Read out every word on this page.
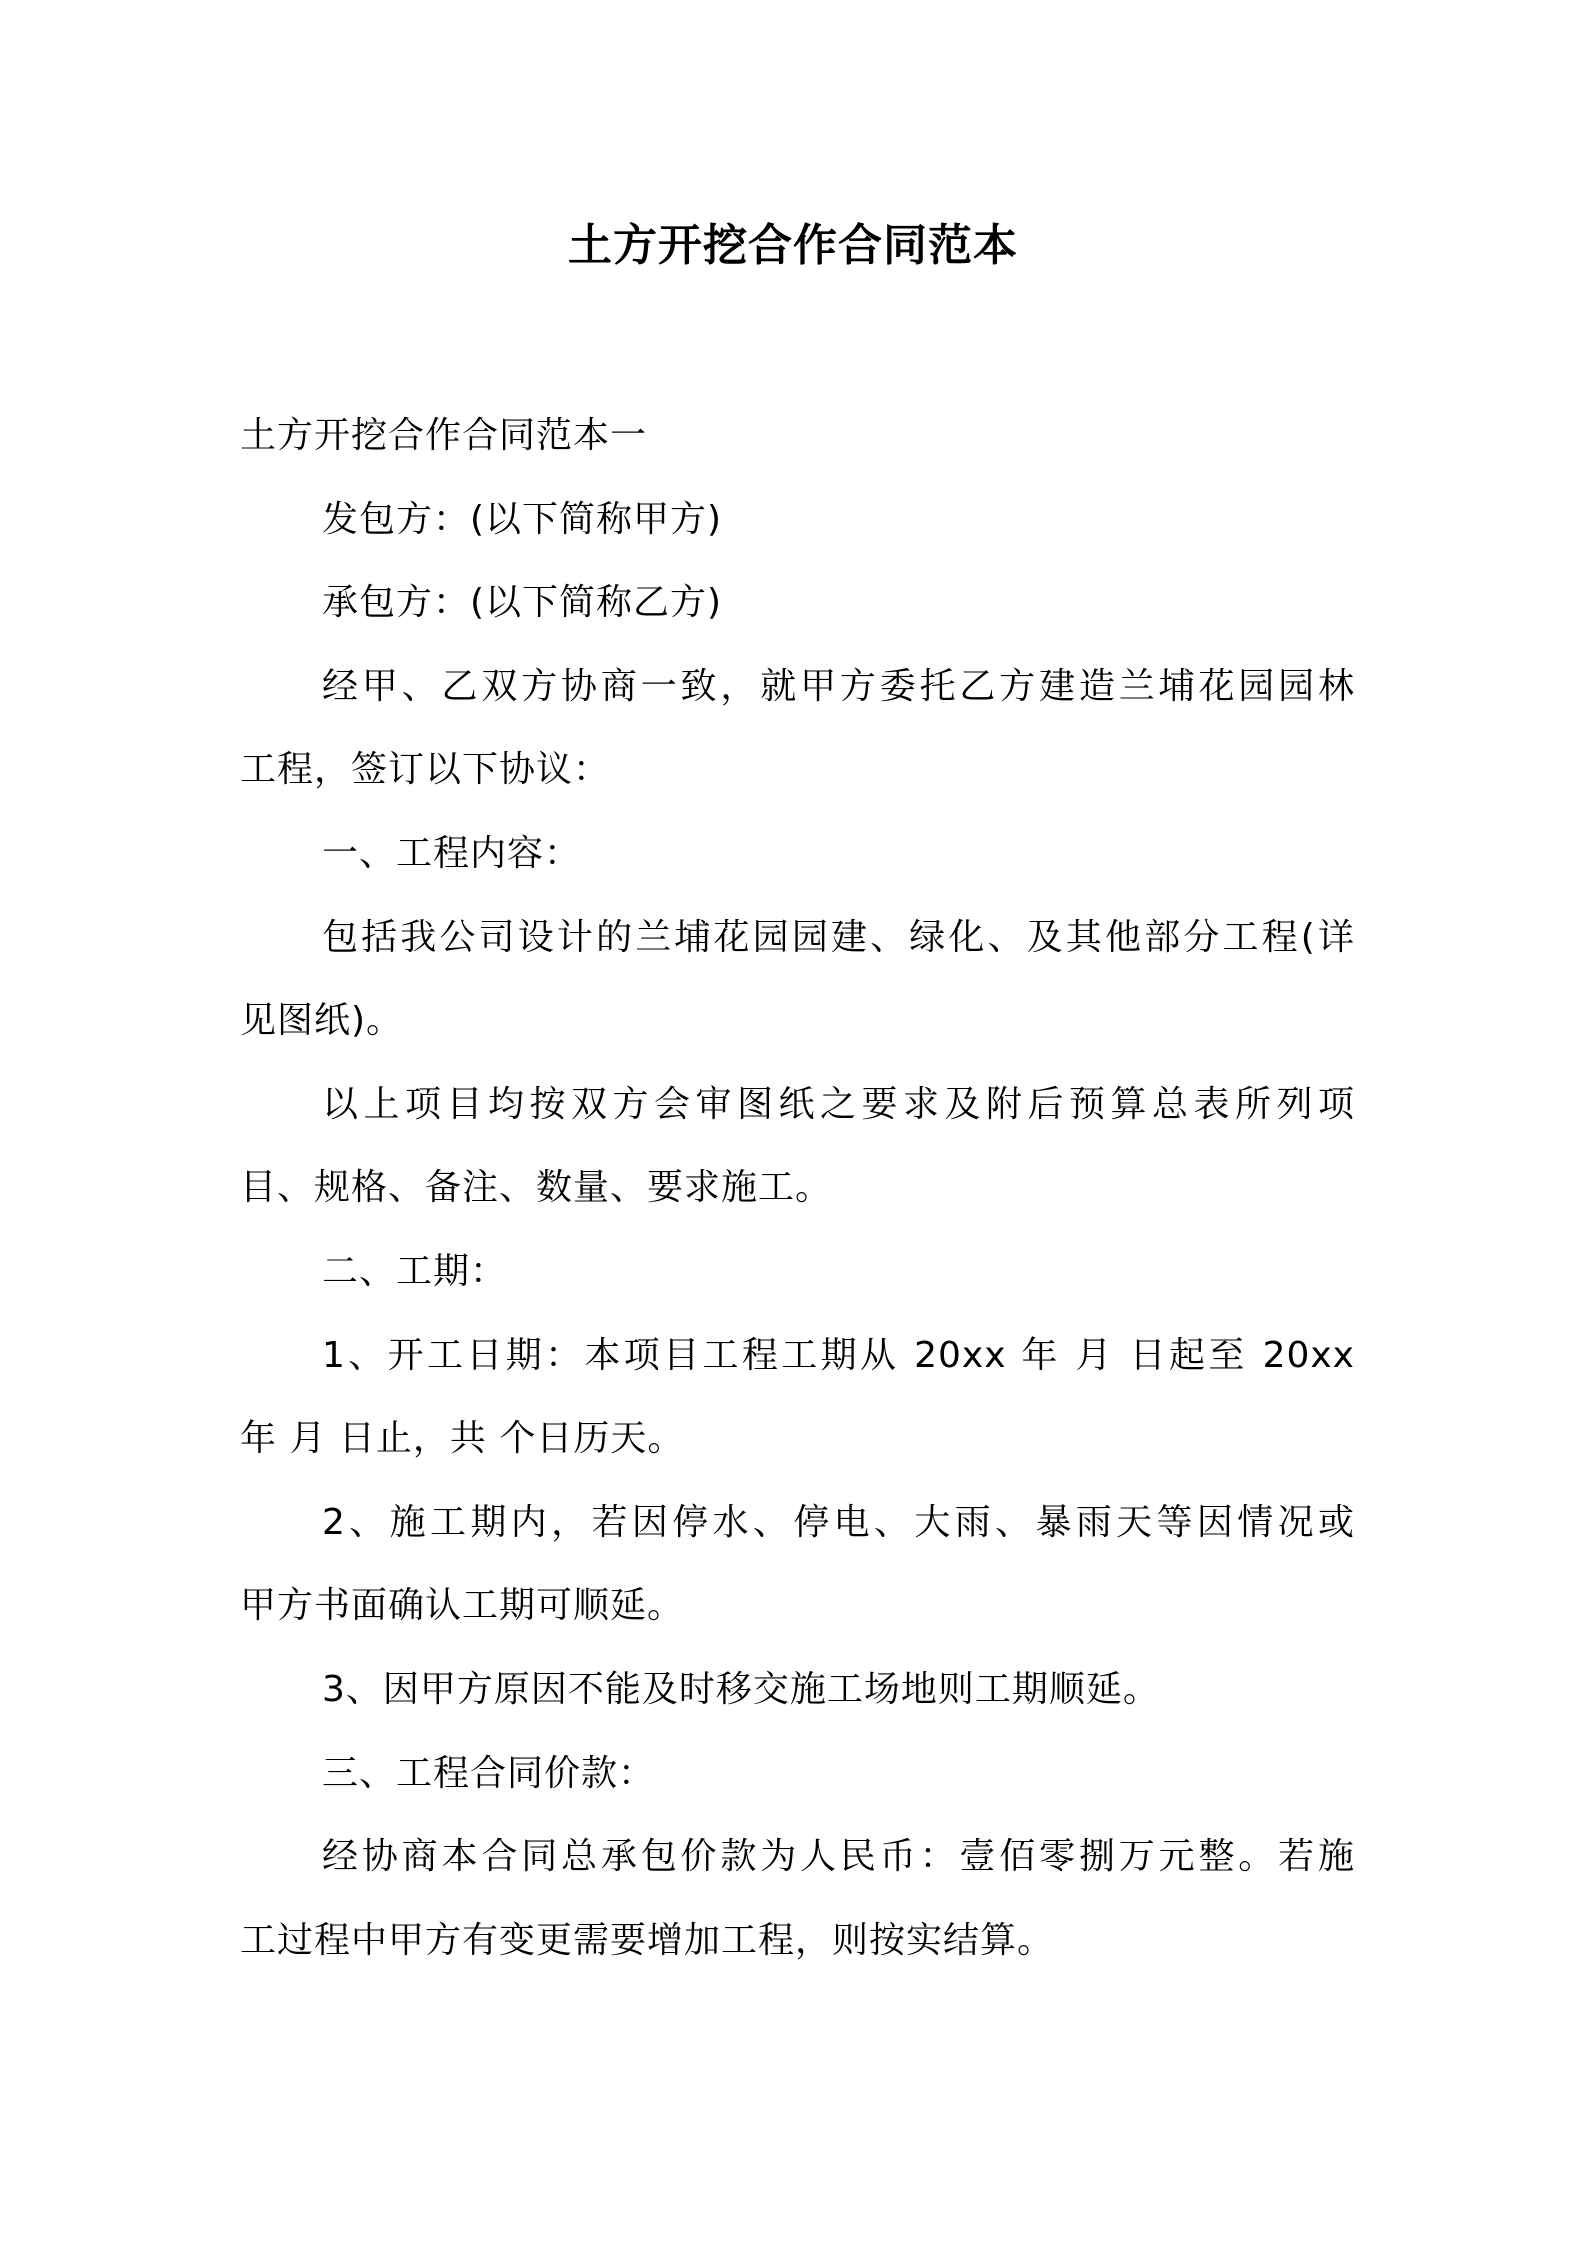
土方开挖合作合同范本
土方开挖合作合同范本一
发包方：(以下简称甲方)
承包方：(以下简称乙方)
经甲、乙双方协商一致，就甲方委托乙方建造兰埔花园园林
工程，签订以下协议：
一、工程内容：
包括我公司设计的兰埔花园园建、绿化、及其他部分工程(详
见图纸)。
以上项目均按双方会审图纸之要求及附后预算总表所列项
目、规格、备注、数量、要求施工。
二、工期：
1、开工日期：本项目工程工期从 20xx 年 月 日起至 20xx
年 月 日止，共 个日历天。
2、施工期内，若因停水、停电、大雨、暴雨天等因情况或
甲方书面确认工期可顺延。
3、因甲方原因不能及时移交施工场地则工期顺延。
三、工程合同价款：
经协商本合同总承包价款为人民币：壹佰零捌万元整。若施
工过程中甲方有变更需要增加工程，则按实结算。
